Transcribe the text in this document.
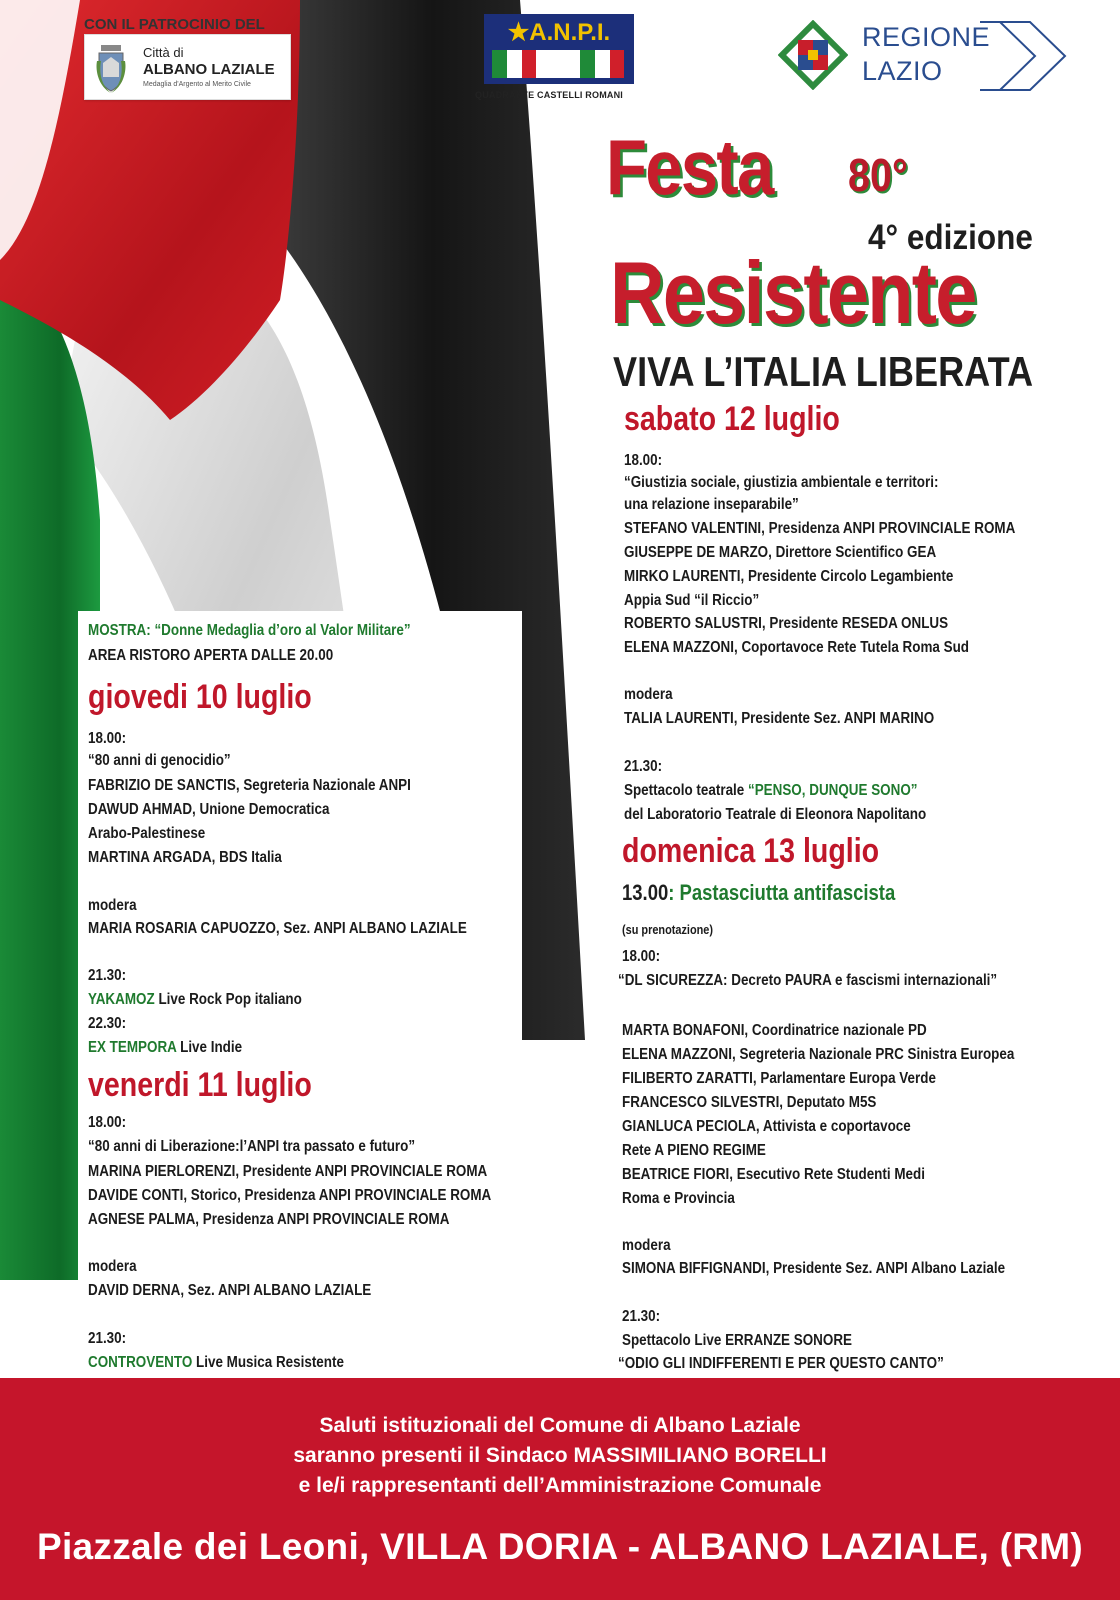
CON IL PATROCINIO DEL
Città di
ALBANO LAZIALE
Medaglia d'Argento al Merito Civile
★A.N.P.I.
QUADRANTE CASTELLI ROMANI
REGIONE
LAZIO
Festa 80°
4° edizione
Resistente
VIVA L’ITALIA LIBERATA
MOSTRA: “Donne Medaglia d’oro al Valor Militare”
AREA RISTORO APERTA DALLE 20.00
giovedi 10 luglio
18.00:
“80 anni di genocidio”
FABRIZIO DE SANCTIS, Segreteria Nazionale ANPI
DAWUD AHMAD, Unione Democratica
Arabo-Palestinese
MARTINA ARGADA, BDS Italia
modera
MARIA ROSARIA CAPUOZZO, Sez. ANPI ALBANO LAZIALE
21.30:
YAKAMOZ Live Rock Pop italiano
22.30:
EX TEMPORA Live Indie
venerdi 11 luglio
18.00:
“80 anni di Liberazione:l’ANPI tra passato e futuro”
MARINA PIERLORENZI, Presidente ANPI PROVINCIALE ROMA
DAVIDE CONTI, Storico, Presidenza ANPI PROVINCIALE ROMA
AGNESE PALMA, Presidenza ANPI PROVINCIALE ROMA
modera
DAVID DERNA, Sez. ANPI ALBANO LAZIALE
21.30:
CONTROVENTO Live Musica Resistente
sabato 12 luglio
18.00:
“Giustizia sociale, giustizia ambientale e territori:
una relazione inseparabile”
STEFANO VALENTINI, Presidenza ANPI PROVINCIALE ROMA
GIUSEPPE DE MARZO, Direttore Scientifico GEA
MIRKO LAURENTI, Presidente Circolo Legambiente
Appia Sud “il Riccio”
ROBERTO SALUSTRI, Presidente RESEDA ONLUS
ELENA MAZZONI, Coportavoce Rete Tutela Roma Sud
modera
TALIA LAURENTI, Presidente Sez. ANPI MARINO
21.30:
Spettacolo teatrale “PENSO, DUNQUE SONO”
del Laboratorio Teatrale di Eleonora Napolitano
domenica 13 luglio
13.00: Pastasciutta antifascista
(su prenotazione)
18.00:
“DL SICUREZZA: Decreto PAURA e fascismi internazionali”
MARTA BONAFONI, Coordinatrice nazionale PD
ELENA MAZZONI, Segreteria Nazionale PRC Sinistra Europea
FILIBERTO ZARATTI, Parlamentare Europa Verde
FRANCESCO SILVESTRI, Deputato M5S
GIANLUCA PECIOLA, Attivista e coportavoce
Rete A PIENO REGIME
BEATRICE FIORI, Esecutivo Rete Studenti Medi
Roma e Provincia
modera
SIMONA BIFFIGNANDI, Presidente Sez. ANPI Albano Laziale
21.30:
Spettacolo Live ERRANZE SONORE
“ODIO GLI INDIFFERENTI E PER QUESTO CANTO”
Saluti istituzionali del Comune di Albano Laziale
saranno presenti il Sindaco MASSIMILIANO BORELLI
e le/i rappresentanti dell’Amministrazione Comunale
Piazzale dei Leoni, VILLA DORIA - ALBANO LAZIALE, (RM)
